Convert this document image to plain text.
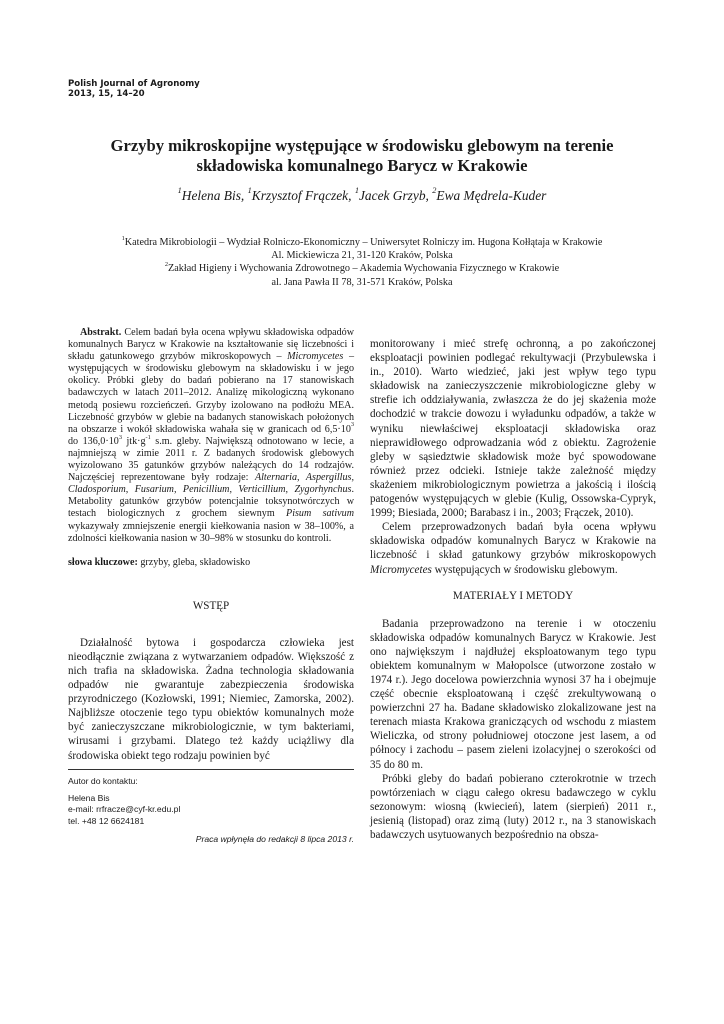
Polish Journal of Agronomy
2013, 15, 14–20
Grzyby mikroskopijne występujące w środowisku glebowym na terenie
składowiska komunalnego Barycz w Krakowie
$^1$Helena Bis, $^1$Krzysztof Frączek, $^1$Jacek Grzyb, $^2$Ewa Mędrela-Kuder
$^1$Katedra Mikrobiologii – Wydział Rolniczo-Ekonomiczny – Uniwersytet Rolniczy im. Hugona Kołłątaja w Krakowie
Al. Mickiewicza 21, 31-120 Kraków, Polska
$^2$Zakład Higieny i Wychowania Zdrowotnego – Akademia Wychowania Fizycznego w Krakowie
al. Jana Pawła II 78, 31-571 Kraków, Polska

Abstrakt. Celem badań była ocena wpływu składowiska odpadów komunalnych Barycz w Krakowie na kształtowanie się liczebności i składu gatunkowego grzybów mikroskopowych – Micromycetes – występujących w środowisku glebowym na składowisku i w jego okolicy. Próbki gleby do badań pobierano na 17 stanowiskach badawczych w latach 2011–2012. Analizę mikologiczną wykonano metodą posiewu rozcieńczeń. Grzyby izolowano na podłożu MEA. Liczebność grzybów w glebie na badanych stanowiskach położonych na obszarze i wokół składowiska wahała się w granicach od $6,5\cdot 10^3$ do $136,0\cdot 10^3$ $jtk\cdot g^{-1}$ s.m. gleby. Największą odnotowano w lecie, a najmniejszą w zimie 2011 r. Z badanych środowisk glebowych wyizolowano 35 gatunków grzybów należących do 14 rodzajów. Najczęściej reprezentowane były rodzaje: Alternaria, Aspergillus, Cladosporium, Fusarium, Penicillium, Verticillium, Zygorhynchus. Metabolity gatunków grzybów potencjalnie toksynotwórczych w testach biologicznych z grochem siewnym Pisum sativum wykazywały zmniejszenie energii kiełkowania nasion w 38–100%, a zdolności kiełkowania nasion w 30–98% w stosunku do kontroli.

słowa kluczowe: grzyby, gleba, składowisko

WSTĘP

Działalność bytowa i gospodarcza człowieka jest nieodłącznie związana z wytwarzaniem odpadów. Większość z nich trafia na składowiska. Żadna technologia składowania odpadów nie gwarantuje zabezpieczenia środowiska przyrodniczego (Kozłowski, 1991; Niemiec, Zamorska, 2002). Najbliższe otoczenie tego typu obiektów komunalnych może być zanieczyszczane mikrobiologicznie, w tym bakteriami, wirusami i grzybami. Dlatego też każdy uciążliwy dla środowiska obiekt tego rodzaju powinien być

Autor do kontaktu:
Helena Bis
e-mail: rrfracze@cyf-kr.edu.pl
tel. +48 12 6624181
Praca wpłynęła do redakcji 8 lipca 2013 r.

monitorowany i mieć strefę ochronną, a po zakończonej eksploatacji powinien podlegać rekultywacji (Przybulewska i in., 2010). Warto wiedzieć, jaki jest wpływ tego typu składowisk na zanieczyszczenie mikrobiologiczne gleby w strefie ich oddziaływania, zwłaszcza że do jej skażenia może dochodzić w trakcie dowozu i wyładunku odpadów, a także w wyniku niewłaściwej eksploatacji składowiska oraz nieprawidłowego odprowadzania wód z obiektu. Zagrożenie gleby w sąsiedztwie składowisk może być spowodowane również przez odcieki. Istnieje także zależność między skażeniem mikrobiologicznym powietrza a jakością i ilością patogenów występujących w glebie (Kulig, Ossowska-Cypryk, 1999; Biesiada, 2000; Barabasz i in., 2003; Frączek, 2010).

Celem przeprowadzonych badań była ocena wpływu składowiska odpadów komunalnych Barycz w Krakowie na liczebność i skład gatunkowy grzybów mikroskopowych Micromycetes występujących w środowisku glebowym.

MATERIAŁY I METODY

Badania przeprowadzono na terenie i w otoczeniu składowiska odpadów komunalnych Barycz w Krakowie. Jest ono największym i najdłużej eksploatowanym tego typu obiektem komunalnym w Małopolsce (utworzone zostało w 1974 r.). Jego docelowa powierzchnia wynosi 37 ha i obejmuje część obecnie eksploatowaną i część zrekultywowaną o powierzchni 27 ha. Badane składowisko zlokalizowane jest na terenach miasta Krakowa graniczących od wschodu z miastem Wieliczka, od strony południowej otoczone jest lasem, a od północy i zachodu – pasem zieleni izolacyjnej o szerokości od 35 do 80 m.

Próbki gleby do badań pobierano czterokrotnie w trzech powtórzeniach w ciągu całego okresu badawczego w cyklu sezonowym: wiosną (kwiecień), latem (sierpień) 2011 r., jesienią (listopad) oraz zimą (luty) 2012 r., na 3 stanowiskach badawczych usytuowanych bezpośrednio na obsza-
